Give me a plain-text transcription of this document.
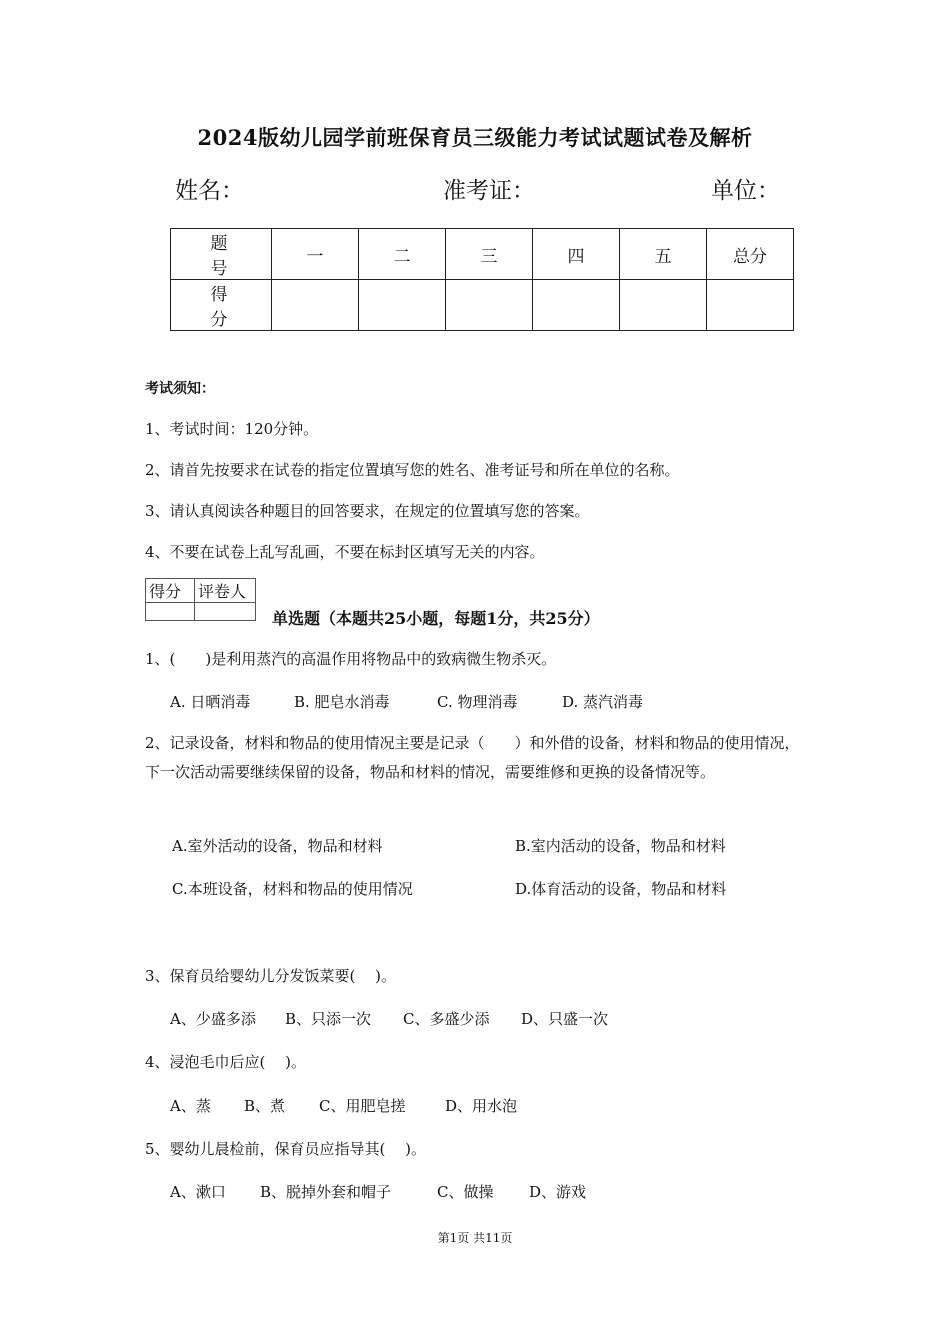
2024版幼儿园学前班保育员三级能力考试试题试卷及解析
姓名：	准考证：	单位：
题　号	一	二	三	四	五	总分
得　分						
考试须知：
1、考试时间：120分钟。
2、请首先按要求在试卷的指定位置填写您的姓名、准考证号和所在单位的名称。
3、请认真阅读各种题目的回答要求，在规定的位置填写您的答案。
4、不要在试卷上乱写乱画，不要在标封区填写无关的内容。
得分	评卷人

单选题（本题共25小题，每题1分，共25分）
1、(　　)是利用蒸汽的高温作用将物品中的致病微生物杀灭。
A. 日晒消毒	B. 肥皂水消毒	C. 物理消毒	D. 蒸汽消毒
2、记录设备，材料和物品的使用情况主要是记录（　　）和外借的设备，材料和物品的使用情况，下一次活动需要继续保留的设备，物品和材料的情况，需要维修和更换的设备情况等。
A.室外活动的设备，物品和材料	B.室内活动的设备，物品和材料
C.本班设备，材料和物品的使用情况	D.体育活动的设备，物品和材料
3、保育员给婴幼儿分发饭菜要(　 )。
A、少盛多添 B、只添一次 C、多盛少添 D、只盛一次
4、浸泡毛巾后应(　 )。
A、蒸 B、煮 C、用肥皂搓	D、用水泡
5、婴幼儿晨检前，保育员应指导其(　 )。
A、漱口 B、脱掉外套和帽子	C、做操 D、游戏
第1页 共11页
